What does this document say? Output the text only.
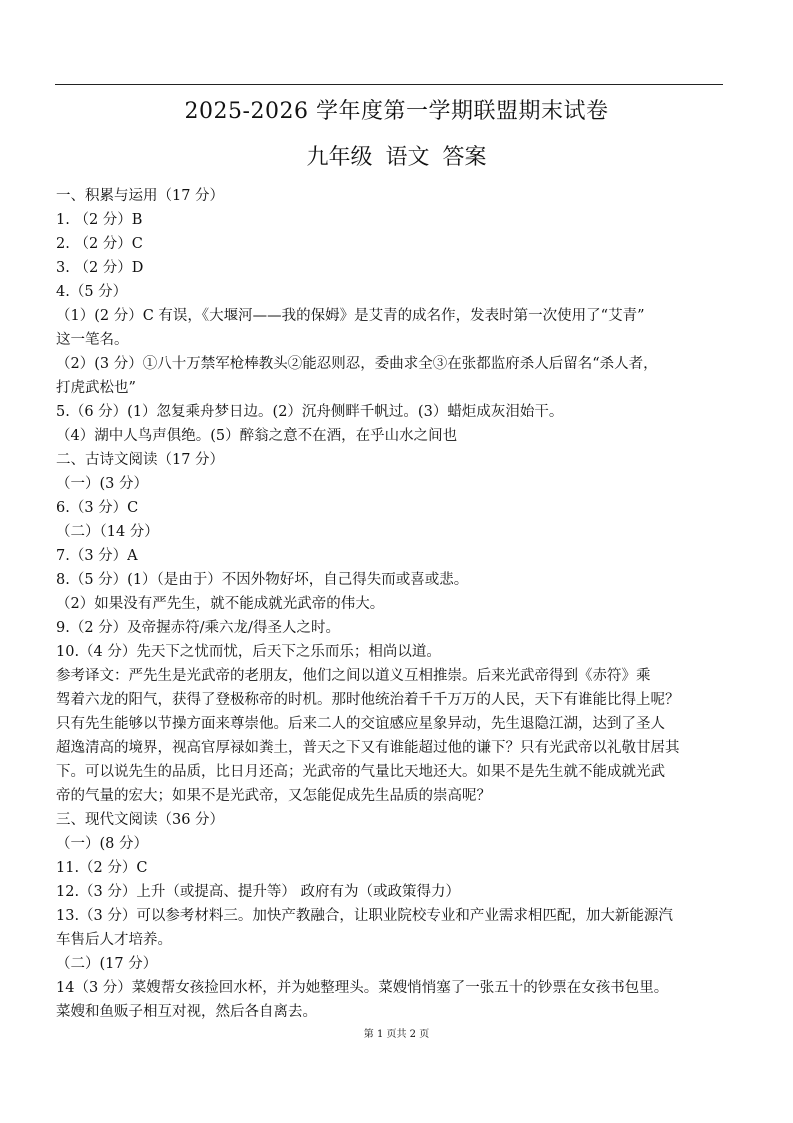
2025-2026 学年度第一学期联盟期末试卷
九年级 语文 答案
一、积累与运用（17 分）
1. （2 分）B
2. （2 分）C
3. （2 分）D
4.（5 分）
（1）(2 分）C 有误，《大堰河——我的保姆》是艾青的成名作，发表时第一次使用了“艾青”
这一笔名。
（2）(3 分）①八十万禁军枪棒教头②能忍则忍，委曲求全③在张都监府杀人后留名“杀人者，
打虎武松也”
5.（6 分）(1）忽复乘舟梦日边。(2）沉舟侧畔千帆过。(3）蜡炬成灰泪始干。
（4）湖中人鸟声俱绝。(5）醉翁之意不在酒，在乎山水之间也
二、古诗文阅读（17 分）
（一）(3 分）
6.（3 分）C
（二）（14 分）
7.（3 分）A
8.（5 分）(1）（是由于）不因外物好坏，自己得失而或喜或悲。
（2）如果没有严先生，就不能成就光武帝的伟大。
9.（2 分）及帝握赤符/乘六龙/得圣人之时。
10.（4 分）先天下之忧而忧，后天下之乐而乐；相尚以道。
参考译文：严先生是光武帝的老朋友，他们之间以道义互相推崇。后来光武帝得到《赤符》乘
驾着六龙的阳气，获得了登极称帝的时机。那时他统治着千千万万的人民，天下有谁能比得上呢？
只有先生能够以节操方面来尊崇他。后来二人的交谊感应星象异动，先生退隐江湖，达到了圣人
超逸清高的境界，视高官厚禄如粪土，普天之下又有谁能超过他的谦下？只有光武帝以礼敬甘居其
下。可以说先生的品质，比日月还高；光武帝的气量比天地还大。如果不是先生就不能成就光武
帝的气量的宏大；如果不是光武帝，又怎能促成先生品质的崇高呢？
三、现代文阅读（36 分）
（一）(8 分）
11.（2 分）C
12.（3 分）上升（或提高、提升等） 政府有为（或政策得力）
13.（3 分）可以参考材料三。加快产教融合，让职业院校专业和产业需求相匹配，加大新能源汽
车售后人才培养。
（二）(17 分）
14（3 分）菜嫂帮女孩捡回水杯，并为她整理头。菜嫂悄悄塞了一张五十的钞票在女孩书包里。
菜嫂和鱼贩子相互对视，然后各自离去。
第 1 页共 2 页
